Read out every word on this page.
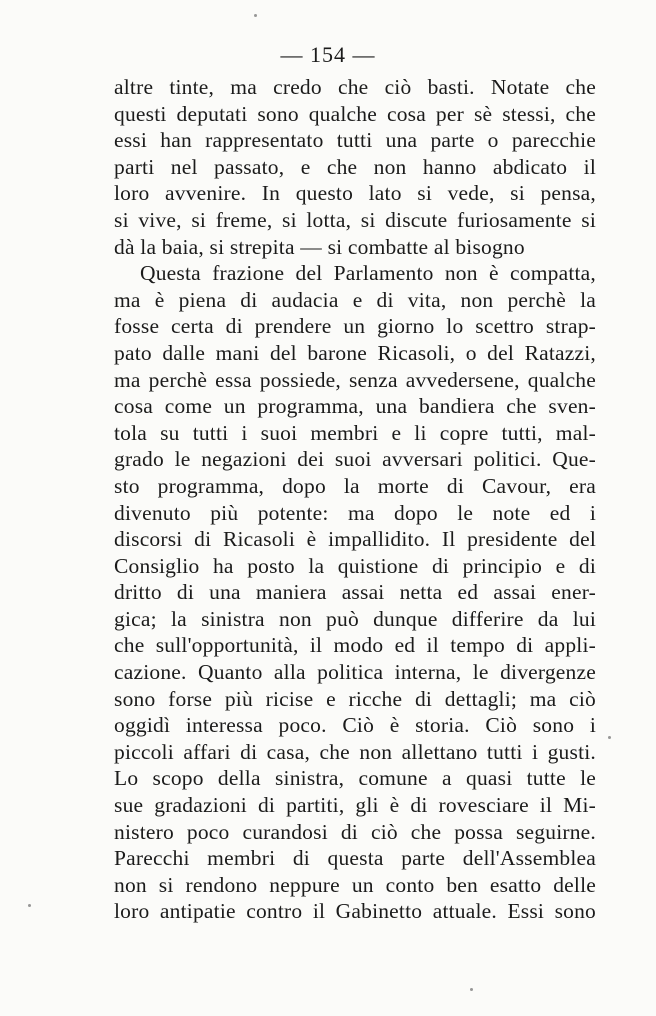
— 154 —
altre tinte, ma credo che ciò basti. Notate che
questi deputati sono qualche cosa per sè stessi, che
essi han rappresentato tutti una parte o parecchie
parti nel passato, e che non hanno abdicato il
loro avvenire. In questo lato si vede, si pensa,
si vive, si freme, si lotta, si discute furiosamente si
dà la baia, si strepita — si combatte al bisogno
Questa frazione del Parlamento non è compatta,
ma è piena di audacia e di vita, non perchè la
fosse certa di prendere un giorno lo scettro strap-
pato dalle mani del barone Ricasoli, o del Ratazzi,
ma perchè essa possiede, senza avvedersene, qualche
cosa come un programma, una bandiera che sven-
tola su tutti i suoi membri e li copre tutti, mal-
grado le negazioni dei suoi avversari politici. Que-
sto programma, dopo la morte di Cavour, era
divenuto più potente: ma dopo le note ed i
discorsi di Ricasoli è impallidito. Il presidente del
Consiglio ha posto la quistione di principio e di
dritto di una maniera assai netta ed assai ener-
gica; la sinistra non può dunque differire da lui
che sull'opportunità, il modo ed il tempo di appli-
cazione. Quanto alla politica interna, le divergenze
sono forse più ricise e ricche di dettagli; ma ciò
oggidì interessa poco. Ciò è storia. Ciò sono i
piccoli affari di casa, che non allettano tutti i gusti.
Lo scopo della sinistra, comune a quasi tutte le
sue gradazioni di partiti, gli è di rovesciare il Mi-
nistero poco curandosi di ciò che possa seguirne.
Parecchi membri di questa parte dell'Assemblea
non si rendono neppure un conto ben esatto delle
loro antipatie contro il Gabinetto attuale. Essi sono
